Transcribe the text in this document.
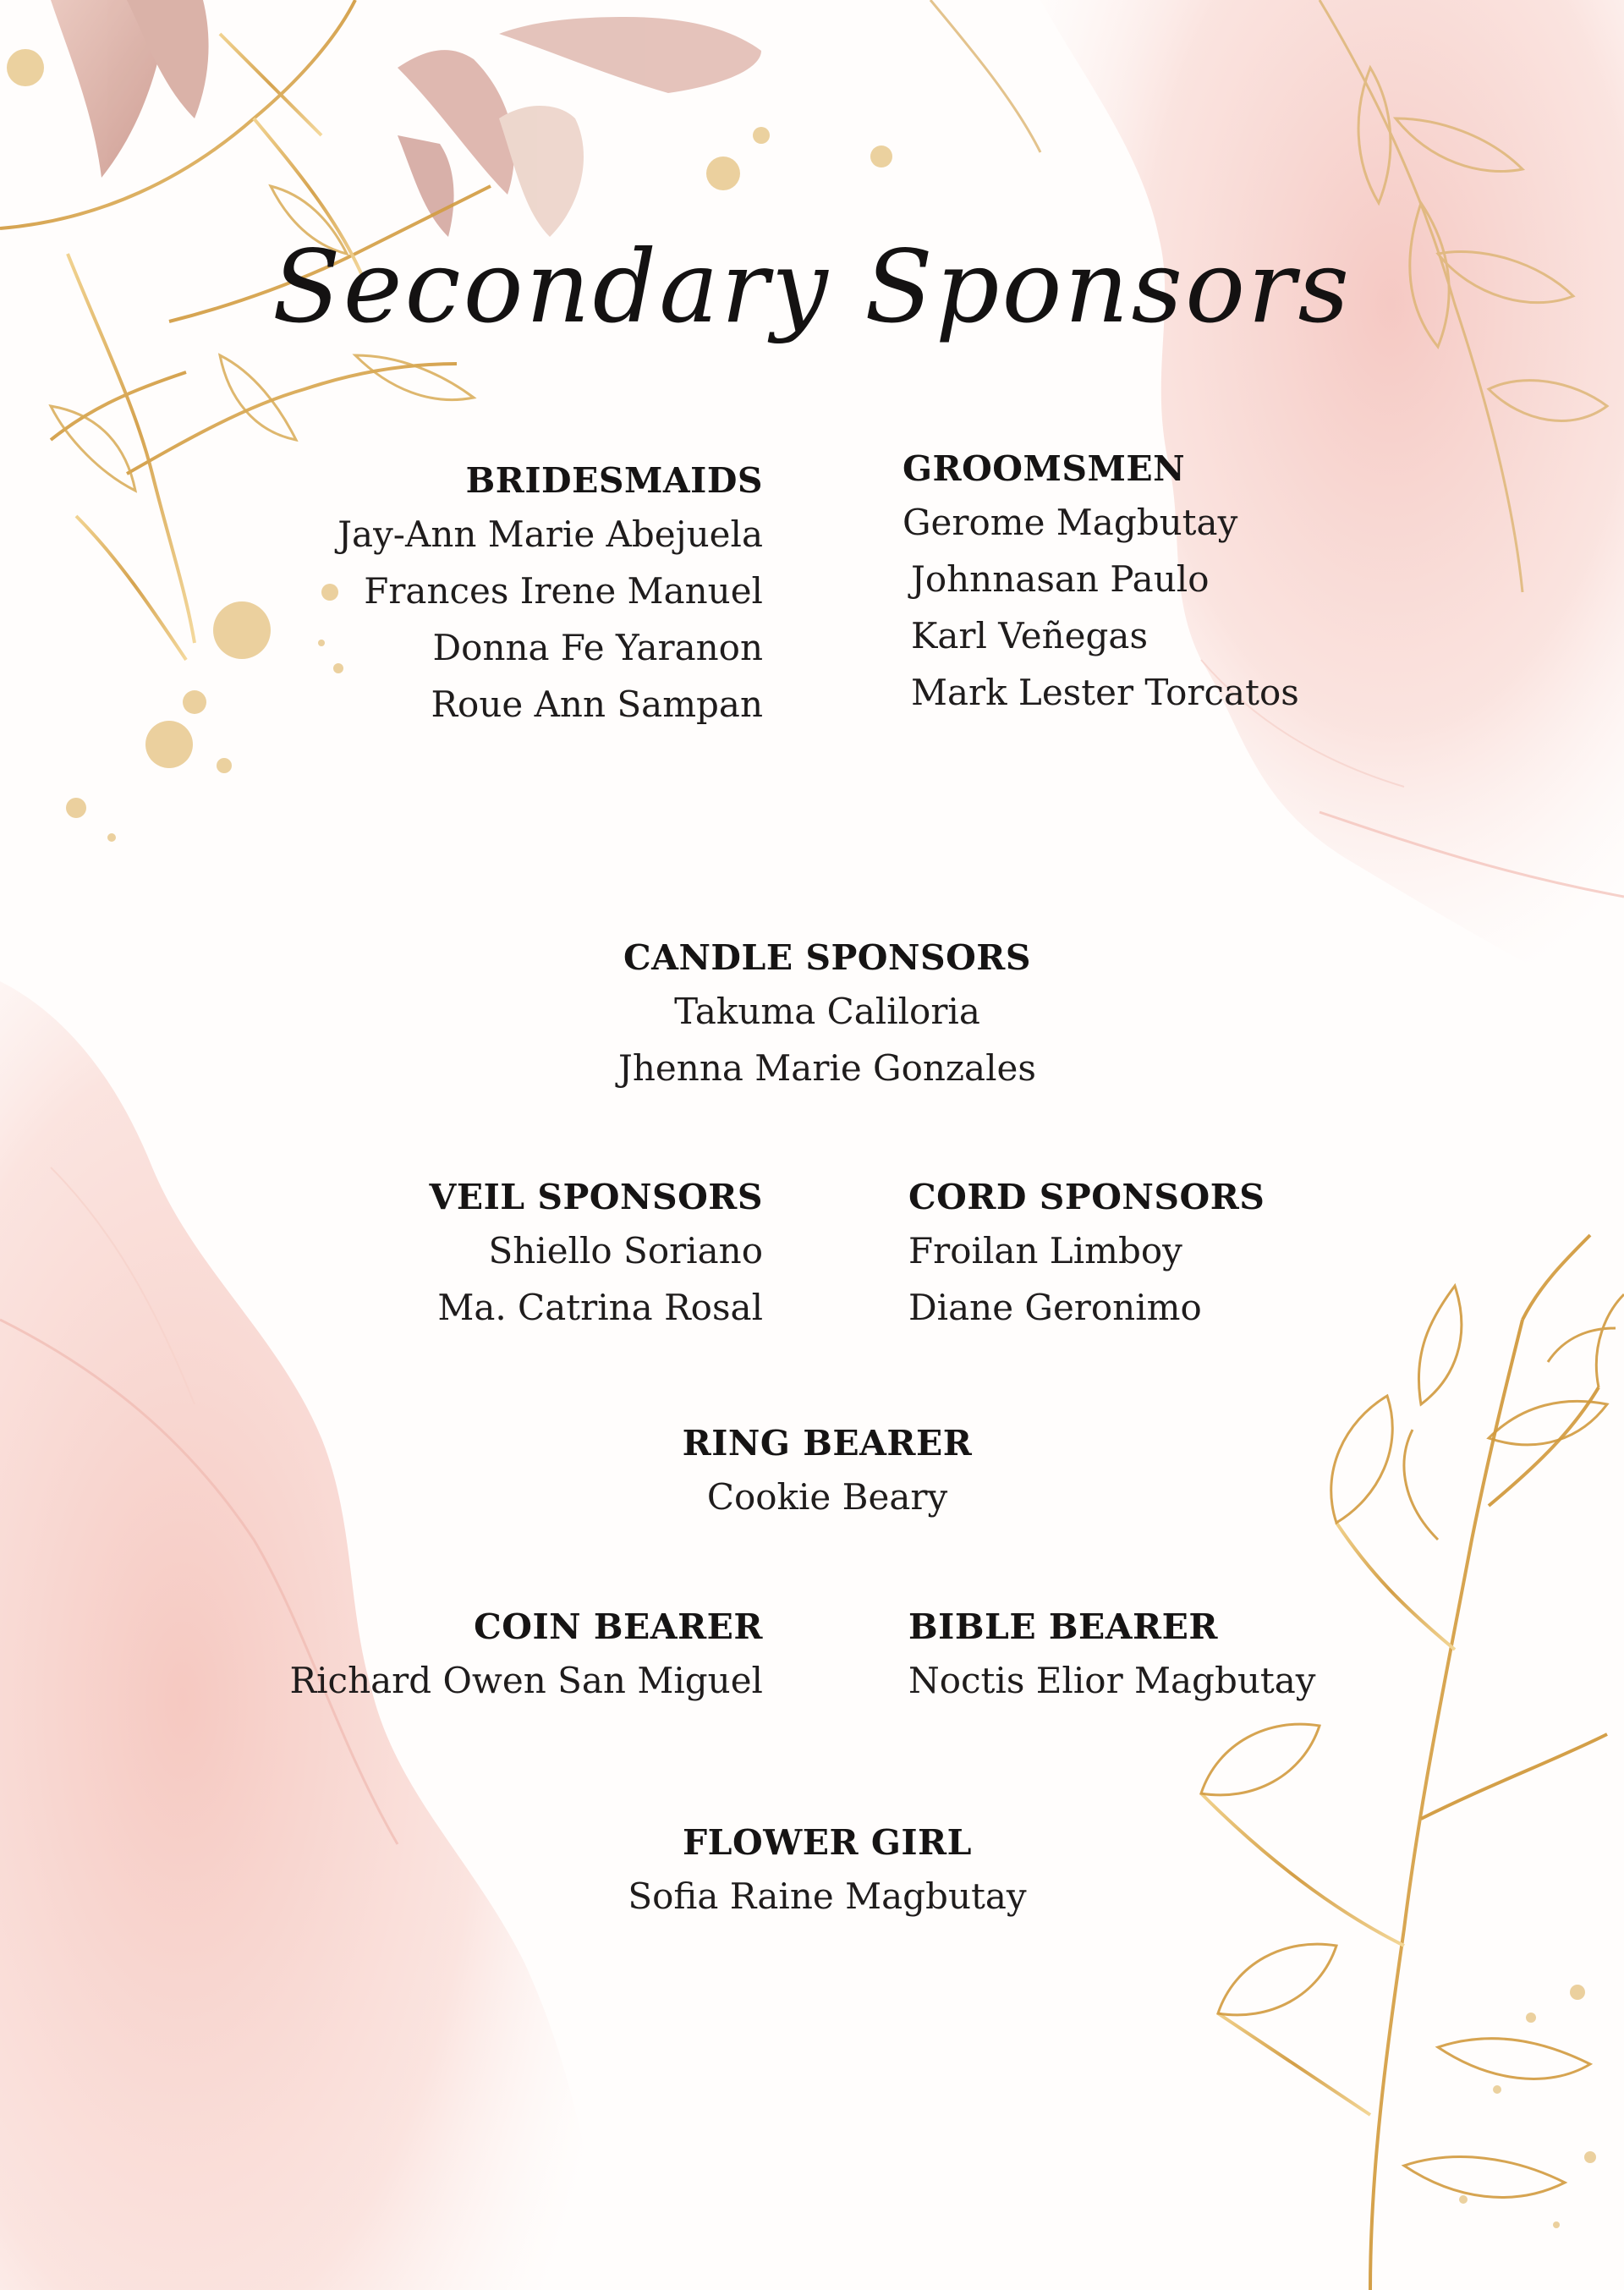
Secondary Sponsors
BRIDESMAIDS
Jay-Ann Marie Abejuela
Frances Irene Manuel
Donna Fe Yaranon
Roue Ann Sampan
GROOMSMEN
Gerome Magbutay
Johnnasan Paulo
Karl Veñegas
Mark Lester Torcatos
CANDLE SPONSORS
Takuma Caliloria
Jhenna Marie Gonzales
VEIL SPONSORS
Shiello Soriano
Ma. Catrina Rosal
CORD SPONSORS
Froilan Limboy
Diane Geronimo
RING BEARER
Cookie Beary
COIN BEARER
Richard Owen San Miguel
BIBLE BEARER
Noctis Elior Magbutay
FLOWER GIRL
Sofia Raine Magbutay
